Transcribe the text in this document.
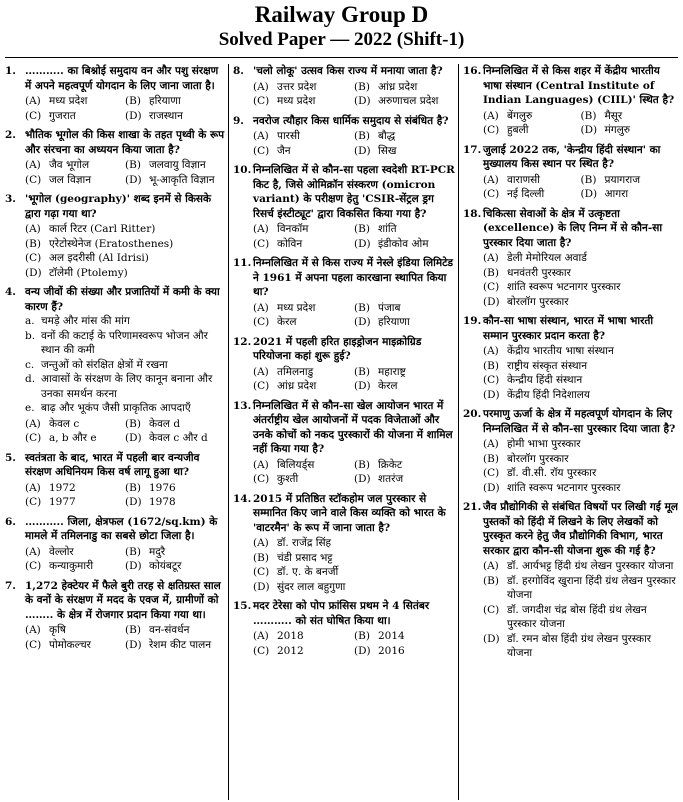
Railway Group D
Solved Paper — 2022 (Shift-1)
1. ……….. का बिश्नोई समुदाय वन और पशु संरक्षण में अपने महत्वपूर्ण योगदान के लिए जाना जाता है।
(A) मध्य प्रदेश	(B) हरियाणा
(C) गुजरात	(D) राजस्थान
2. भौतिक भूगोल की किस शाखा के तहत पृथ्वी के रूप और संरचना का अध्ययन किया जाता है?
(A) जैव भूगोल	(B) जलवायु विज्ञान
(C) जल विज्ञान	(D) भू-आकृति विज्ञान
3. 'भूगोल (geography)' शब्द इनमें से किसके द्वारा गढ़ा गया था?
(A) कार्ल रिटर (Carl Ritter)
(B) एरेटोस्थेनेज (Eratosthenes)
(C) अल इदरीसी (Al Idrisi)
(D) टॉलेमी (Ptolemy)
4. वन्य जीवों की संख्या और प्रजातियों में कमी के क्या कारण हैं?
a. चमड़े और मांस की मांग
b. वनों की कटाई के परिणामस्वरूप भोजन और स्थान की कमी
c. जन्तुओं को संरक्षित क्षेत्रों में रखना
d. आवासों के संरक्षण के लिए कानून बनाना और उनका समर्थन करना
e. बाढ़ और भूकंप जैसी प्राकृतिक आपदाएँ
(A) केवल c	(B) केवल d
(C) a, b और e	(D) केवल c और d
5. स्वतंत्रता के बाद, भारत में पहली बार वन्यजीव संरक्षण अधिनियम किस वर्ष लागू हुआ था?
(A) 1972	(B) 1976
(C) 1977	(D) 1978
6. ……….. जिला, क्षेत्रफल (1672/sq.km) के मामले में तमिलनाडु का सबसे छोटा जिला है।
(A) वेल्लोर	(B) मदुरै
(C) कन्याकुमारी	(D) कोयंबटूर
7. 1,272 हेक्टेयर में फैले बुरी तरह से क्षतिग्रस्त साल के वनों के संरक्षण में मदद के एवज में, ग्रामीणों को …….. के क्षेत्र में रोजगार प्रदान किया गया था।
(A) कृषि	(B) वन-संवर्धन
(C) पोमोकल्चर	(D) रेशम कीट पालन
8. 'चलो लोकू' उत्सव किस राज्य में मनाया जाता है?
(A) उत्तर प्रदेश	(B) आंध्र प्रदेश
(C) मध्य प्रदेश	(D) अरुणाचल प्रदेश
9. नवरोज त्यौहार किस धार्मिक समुदाय से संबंधित है?
(A) पारसी	(B) बौद्ध
(C) जैन	(D) सिख
10. निम्नलिखित में से कौन-सा पहला स्वदेशी RT-PCR किट है, जिसे ओमिक्रॉन संस्करण (omicron variant) के परीक्षण हेतु 'CSIR-सेंट्रल ड्रग रिसर्च इंस्टीट्यूट' द्वारा विकसित किया गया है?
(A) विनकॉम	(B) शांति
(C) कोविन	(D) इंडीकोव ओम
11. निम्नलिखित में से किस राज्य में नेस्ले इंडिया लिमिटेड ने 1961 में अपना पहला कारखाना स्थापित किया था?
(A) मध्य प्रदेश	(B) पंजाब
(C) केरल	(D) हरियाणा
12. 2021 में पहली हरित हाइड्रोजन माइक्रोग्रिड परियोजना कहां शुरू हुई?
(A) तमिलनाडु	(B) महाराष्ट्र
(C) आंध्र प्रदेश	(D) केरल
13. निम्नलिखित में से कौन-सा खेल आयोजन भारत में अंतर्राष्ट्रीय खेल आयोजनों में पदक विजेताओं और उनके कोचों को नकद पुरस्कारों की योजना में शामिल नहीं किया गया है?
(A) बिलियर्ड्स	(B) क्रिकेट
(C) कुश्ती	(D) शतरंज
14. 2015 में प्रतिष्ठित स्टॉकहोम जल पुरस्कार से सम्मानित किए जाने वाले किस व्यक्ति को भारत के 'वाटरमैन' के रूप में जाना जाता है?
(A) डॉ. राजेंद्र सिंह
(B) चंडी प्रसाद भट्ट
(C) डॉ. ए. के बनर्जी
(D) सुंदर लाल बहुगुणा
15. मदर टेरेसा को पोप फ्रांसिस प्रथम ने 4 सितंबर ……….. को संत घोषित किया था।
(A) 2018	(B) 2014
(C) 2012	(D) 2016
16. निम्नलिखित में से किस शहर में केंद्रीय भारतीय भाषा संस्थान (Central Institute of Indian Languages) (CIIL)' स्थित है?
(A) बेंगलुरु	(B) मैसूर
(C) हुबली	(D) मंगलुरु
17. जुलाई 2022 तक, 'केन्द्रीय हिंदी संस्थान' का मुख्यालय किस स्थान पर स्थित है?
(A) वाराणसी	(B) प्रयागराज
(C) नई दिल्ली	(D) आगरा
18. चिकित्सा सेवाओं के क्षेत्र में उत्कृष्टता (excellence) के लिए निम्न में से कौन-सा पुरस्कार दिया जाता है?
(A) डेली मेमोरियल अवार्ड
(B) धनवंतरी पुरस्कार
(C) शांति स्वरूप भटनागर पुरस्कार
(D) बोरलॉग पुरस्कार
19. कौन-सा भाषा संस्थान, भारत में भाषा भारती सम्मान पुरस्कार प्रदान करता है?
(A) केंद्रीय भारतीय भाषा संस्थान
(B) राष्ट्रीय संस्कृत संस्थान
(C) केन्द्रीय हिंदी संस्थान
(D) केंद्रीय हिंदी निदेशालय
20. परमाणु ऊर्जा के क्षेत्र में महत्वपूर्ण योगदान के लिए निम्नलिखित में से कौन-सा पुरस्कार दिया जाता है?
(A) होमी भाभा पुरस्कार
(B) बोरलॉग पुरस्कार
(C) डॉ. वी.सी. रॉय पुरस्कार
(D) शांति स्वरूप भटनागर पुरस्कार
21. जैव प्रौद्योगिकी से संबंधित विषयों पर लिखी गई मूल पुस्तकों को हिंदी में लिखने के लिए लेखकों को पुरस्कृत करने हेतु जैव प्रौद्योगिकी विभाग, भारत सरकार द्वारा कौन-सी योजना शुरू की गई है?
(A) डॉ. आर्यभट्ट हिंदी ग्रंथ लेखन पुरस्कार योजना
(B) डॉ. हरगोविंद खुराना हिंदी ग्रंथ लेखन पुरस्कार योजना
(C) डॉ. जगदीश चंद्र बोस हिंदी ग्रंथ लेखन पुरस्कार योजना
(D) डॉ. रमन बोस हिंदी ग्रंथ लेखन पुरस्कार योजना
